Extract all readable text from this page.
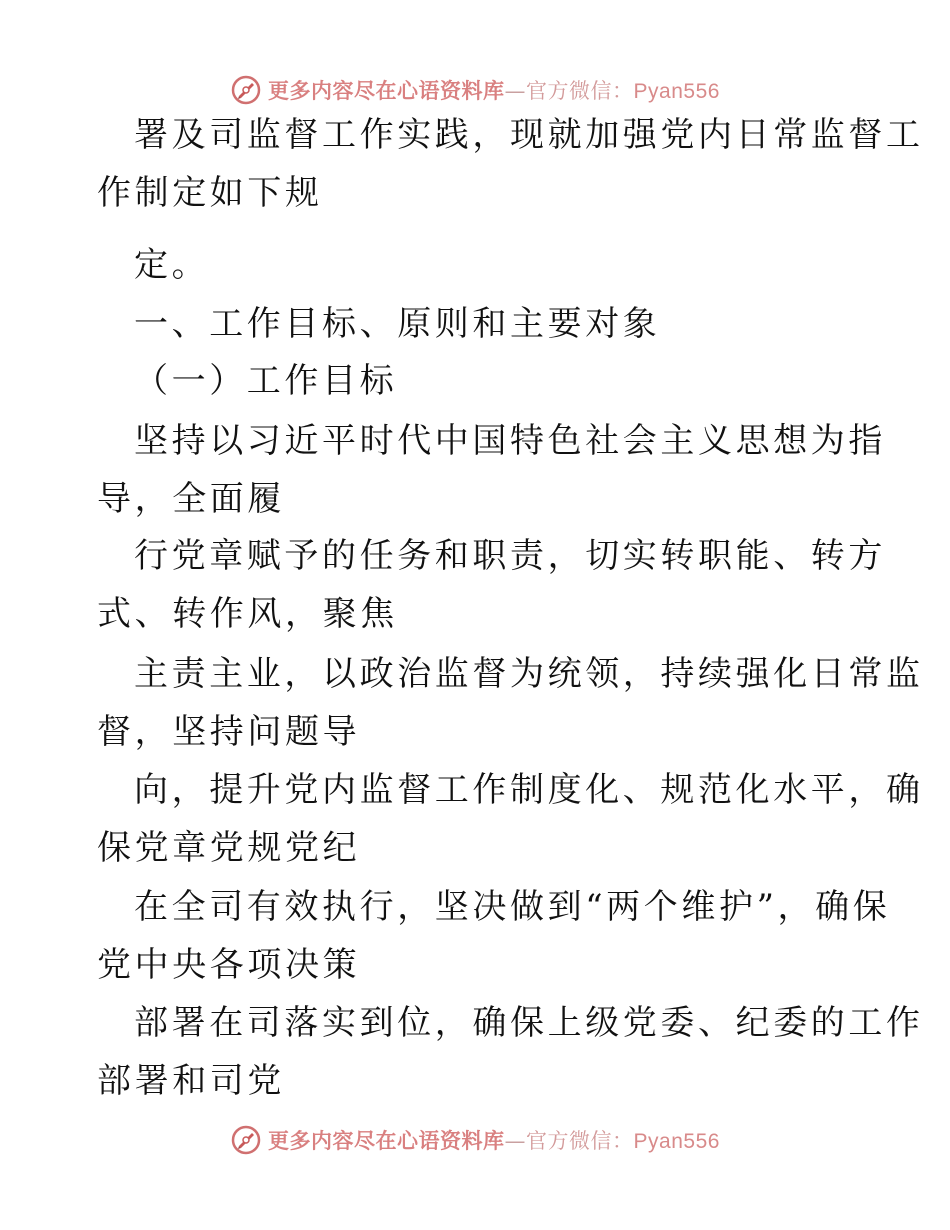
更多内容尽在心语资料库—官方微信：Pyan556
署及司监督工作实践，现就加强党内日常监督工
作制定如下规
定。
一、工作目标、原则和主要对象
（一）工作目标
坚持以习近平时代中国特色社会主义思想为指
导，全面履
行党章赋予的任务和职责，切实转职能、转方
式、转作风，聚焦
主责主业，以政治监督为统领，持续强化日常监
督，坚持问题导
向，提升党内监督工作制度化、规范化水平，确
保党章党规党纪
在全司有效执行，坚决做到“两个维护”，确保
党中央各项决策
部署在司落实到位，确保上级党委、纪委的工作
部署和司党
更多内容尽在心语资料库—官方微信：Pyan556
